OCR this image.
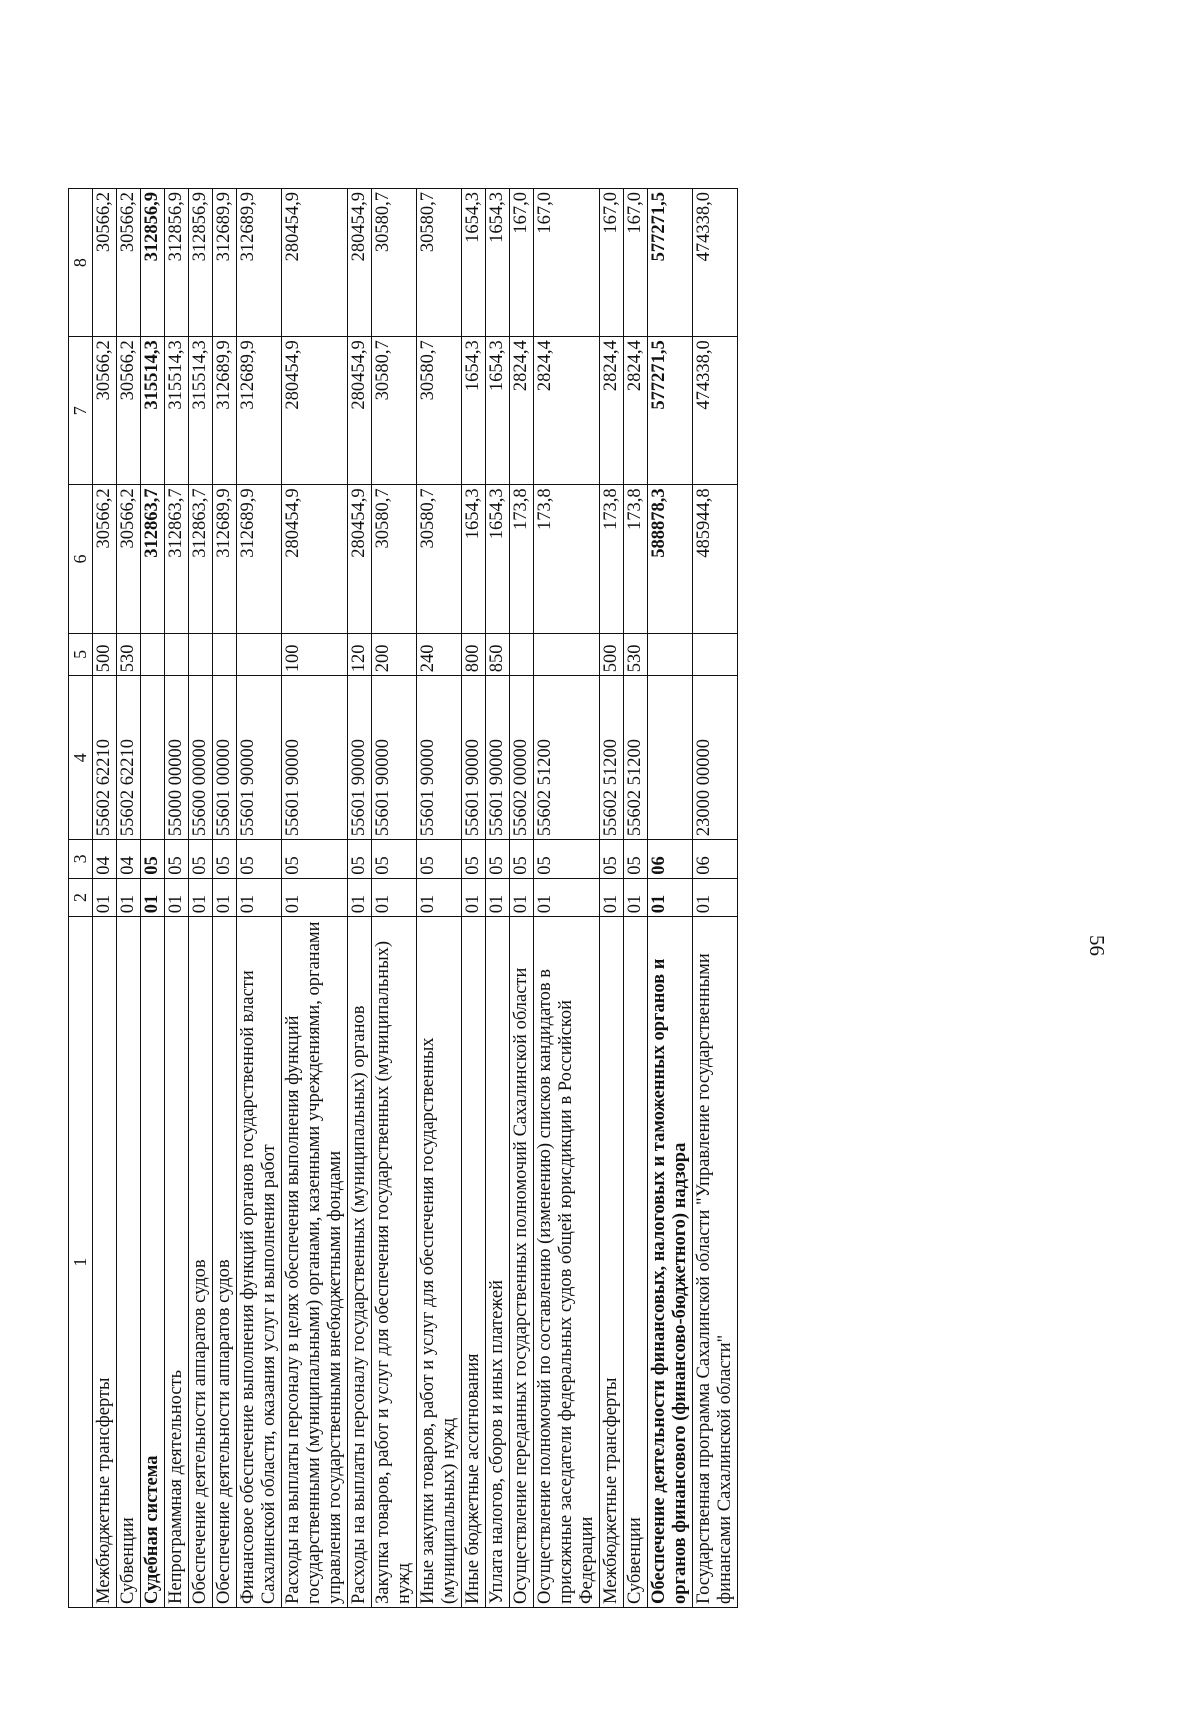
56
1	2	3	4	5	6	7	8
Межбюджетные трансферты	01	04	55602 62210	500	30566,2	30566,2	30566,2
Субвенции	01	04	55602 62210	530	30566,2	30566,2	30566,2
Судебная система	01	05			312863,7	315514,3	312856,9
Непрограммная деятельность	01	05	55000 00000		312863,7	315514,3	312856,9
Обеспечение деятельности аппаратов судов	01	05	55600 00000		312863,7	315514,3	312856,9
Обеспечение деятельности аппаратов судов	01	05	55601 00000		312689,9	312689,9	312689,9
Финансовое обеспечение выполнения функций органов государственной власти Сахалинской области, оказания услуг и выполнения работ	01	05	55601 90000		312689,9	312689,9	312689,9
Расходы на выплаты персоналу в целях обеспечения выполнения функций государственными (муниципальными) органами, казенными учреждениями, органами управления государственными внебюджетными фондами	01	05	55601 90000	100	280454,9	280454,9	280454,9
Расходы на выплаты персоналу государственных (муниципальных) органов	01	05	55601 90000	120	280454,9	280454,9	280454,9
Закупка товаров, работ и услуг для обеспечения государственных (муниципальных) нужд	01	05	55601 90000	200	30580,7	30580,7	30580,7
Иные закупки товаров, работ и услуг для обеспечения государственных (муниципальных) нужд	01	05	55601 90000	240	30580,7	30580,7	30580,7
Иные бюджетные ассигнования	01	05	55601 90000	800	1654,3	1654,3	1654,3
Уплата налогов, сборов и иных платежей	01	05	55601 90000	850	1654,3	1654,3	1654,3
Осуществление переданных государственных полномочий Сахалинской области	01	05	55602 00000		173,8	2824,4	167,0
Осуществление полномочий по составлению (изменению) списков кандидатов в присяжные заседатели федеральных судов общей юрисдикции в Российской Федерации	01	05	55602 51200		173,8	2824,4	167,0
Межбюджетные трансферты	01	05	55602 51200	500	173,8	2824,4	167,0
Субвенции	01	05	55602 51200	530	173,8	2824,4	167,0
Обеспечение деятельности финансовых, налоговых и таможенных органов и органов финансового (финансово-бюджетного) надзора	01	06			588878,3	577271,5	577271,5
Государственная программа Сахалинской области "Управление государственными финансами Сахалинской области"	01	06	23000 00000		485944,8	474338,0	474338,0
